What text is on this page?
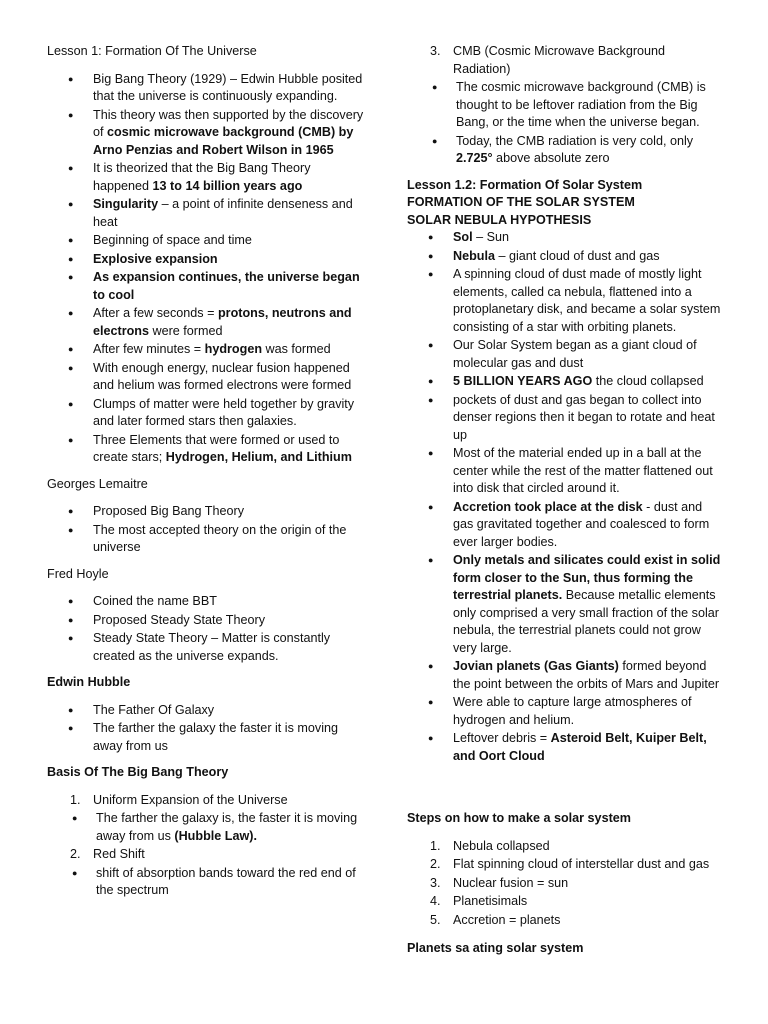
Lesson 1: Formation Of The Universe

● Big Bang Theory (1929) – Edwin Hubble posited that the universe is continuously expanding.
● This theory was then supported by the discovery of cosmic microwave background (CMB) by Arno Penzias and Robert Wilson in 1965
● It is theorized that the Big Bang Theory happened 13 to 14 billion years ago
● Singularity – a point of infinite denseness and heat
● Beginning of space and time
● Explosive expansion
● As expansion continues, the universe began to cool
● After a few seconds = protons, neutrons and electrons were formed
● After few minutes = hydrogen was formed
● With enough energy, nuclear fusion happened and helium was formed electrons were formed
● Clumps of matter were held together by gravity and later formed stars then galaxies.
● Three Elements that were formed or used to create stars; Hydrogen, Helium, and Lithium

Georges Lemaitre

● Proposed Big Bang Theory
● The most accepted theory on the origin of the universe

Fred Hoyle

● Coined the name BBT
● Proposed Steady State Theory
● Steady State Theory – Matter is constantly created as the universe expands.

Edwin Hubble

● The Father Of Galaxy
● The farther the galaxy the faster it is moving away from us

Basis Of The Big Bang Theory

1. Uniform Expansion of the Universe
● The farther the galaxy is, the faster it is moving away from us (Hubble Law).
2. Red Shift
● shift of absorption bands toward the red end of the spectrum
3. CMB (Cosmic Microwave Background Radiation)
● The cosmic microwave background (CMB) is thought to be leftover radiation from the Big Bang, or the time when the universe began.
● Today, the CMB radiation is very cold, only 2.725° above absolute zero

Lesson 1.2: Formation Of Solar System

FORMATION OF THE SOLAR SYSTEM

SOLAR NEBULA HYPOTHESIS

● Sol – Sun
● Nebula – giant cloud of dust and gas
● A spinning cloud of dust made of mostly light elements, called ca nebula, flattened into a protoplanetary disk, and became a solar system consisting of a star with orbiting planets.
● Our Solar System began as a giant cloud of molecular gas and dust
● 5 BILLION YEARS AGO the cloud collapsed
● pockets of dust and gas began to collect into denser regions then it began to rotate and heat up
● Most of the material ended up in a ball at the center while the rest of the matter flattened out into disk that circled around it.
● Accretion took place at the disk - dust and gas gravitated together and coalesced to form ever larger bodies.
● Only metals and silicates could exist in solid form closer to the Sun, thus forming the terrestrial planets. Because metallic elements only comprised a very small fraction of the solar nebula, the terrestrial planets could not grow very large.
● Jovian planets (Gas Giants) formed beyond the point between the orbits of Mars and Jupiter
● Were able to capture large atmospheres of hydrogen and helium.
● Leftover debris = Asteroid Belt, Kuiper Belt, and Oort Cloud

Steps on how to make a solar system

1. Nebula collapsed
2. Flat spinning cloud of interstellar dust and gas
3. Nuclear fusion = sun
4. Planetisimals
5. Accretion = planets

Planets sa ating solar system
